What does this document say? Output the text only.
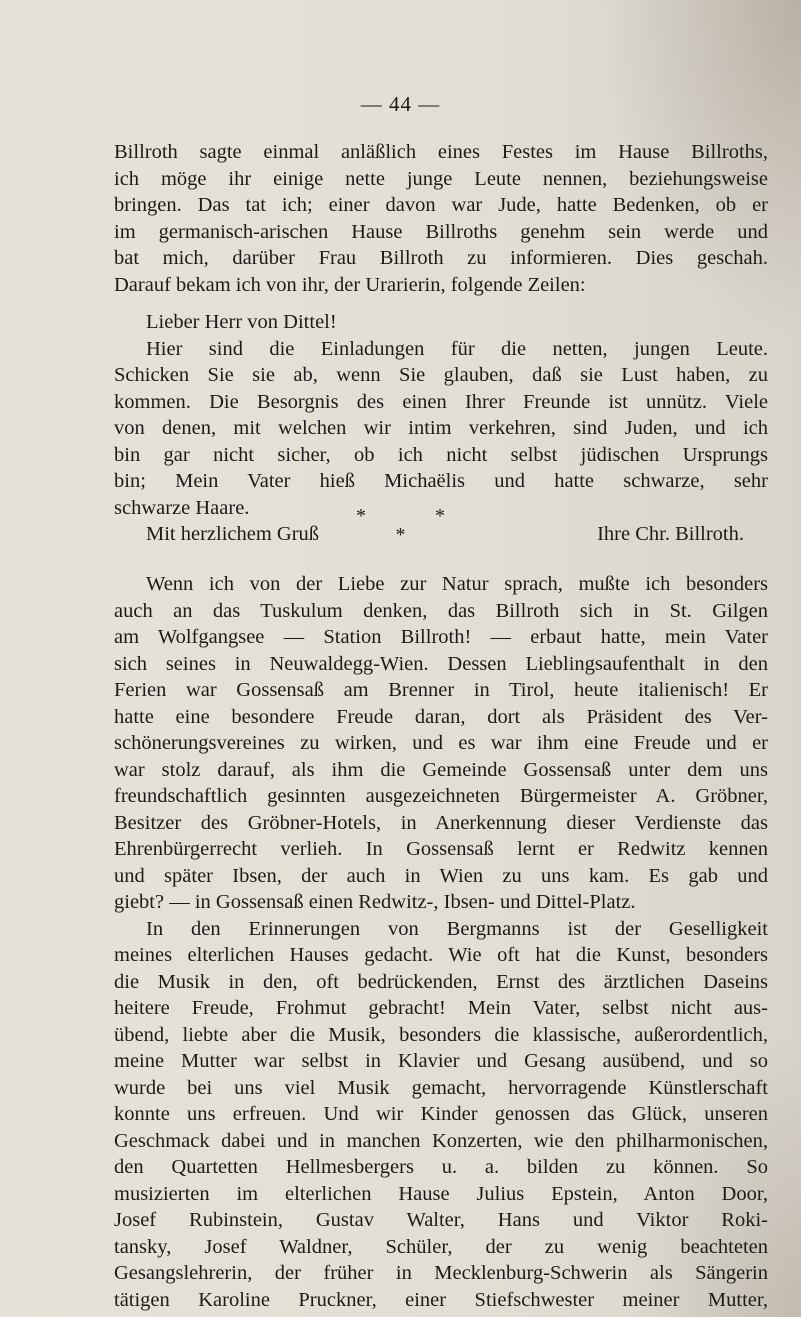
— 44 —
Billroth sagte einmal anläßlich eines Festes im Hause Billroths,
ich möge ihr einige nette junge Leute nennen, beziehungsweise
bringen. Das tat ich; einer davon war Jude, hatte Bedenken, ob er
im germanisch-arischen Hause Billroths genehm sein werde und
bat mich, darüber Frau Billroth zu informieren. Dies geschah.
Darauf bekam ich von ihr, der Urarierin, folgende Zeilen:
Lieber Herr von Dittel!
Hier sind die Einladungen für die netten, jungen Leute.
Schicken Sie sie ab, wenn Sie glauben, daß sie Lust haben, zu
kommen. Die Besorgnis des einen Ihrer Freunde ist unnütz. Viele
von denen, mit welchen wir intim verkehren, sind Juden, und ich
bin gar nicht sicher, ob ich nicht selbst jüdischen Ursprungs
bin; Mein Vater hieß Michaëlis und hatte schwarze, sehr
schwarze Haare.
Mit herzlichem Gruß	Ihre Chr. Billroth.
*	*
*
Wenn ich von der Liebe zur Natur sprach, mußte ich besonders
auch an das Tuskulum denken, das Billroth sich in St. Gilgen
am Wolfgangsee — Station Billroth! — erbaut hatte, mein Vater
sich seines in Neuwaldegg-Wien. Dessen Lieblingsaufenthalt in den
Ferien war Gossensaß am Brenner in Tirol, heute italienisch! Er
hatte eine besondere Freude daran, dort als Präsident des Ver-
schönerungsvereines zu wirken, und es war ihm eine Freude und er
war stolz darauf, als ihm die Gemeinde Gossensaß unter dem uns
freundschaftlich gesinnten ausgezeichneten Bürgermeister A. Gröbner,
Besitzer des Gröbner-Hotels, in Anerkennung dieser Verdienste das
Ehrenbürgerrecht verlieh. In Gossensaß lernt er Redwitz kennen
und später Ibsen, der auch in Wien zu uns kam. Es gab und
giebt? — in Gossensaß einen Redwitz-, Ibsen- und Dittel-Platz.
In den Erinnerungen von Bergmanns ist der Geselligkeit
meines elterlichen Hauses gedacht. Wie oft hat die Kunst, besonders
die Musik in den, oft bedrückenden, Ernst des ärztlichen Daseins
heitere Freude, Frohmut gebracht! Mein Vater, selbst nicht aus-
übend, liebte aber die Musik, besonders die klassische, außerordentlich,
meine Mutter war selbst in Klavier und Gesang ausübend, und so
wurde bei uns viel Musik gemacht, hervorragende Künstlerschaft
konnte uns erfreuen. Und wir Kinder genossen das Glück, unseren
Geschmack dabei und in manchen Konzerten, wie den philharmonischen,
den Quartetten Hellmesbergers u. a. bilden zu können. So
musizierten im elterlichen Hause Julius Epstein, Anton Door,
Josef Rubinstein, Gustav Walter, Hans und Viktor Roki-
tansky, Josef Waldner, Schüler, der zu wenig beachteten
Gesangslehrerin, der früher in Mecklenburg-Schwerin als Sängerin
tätigen Karoline Pruckner, einer Stiefschwester meiner Mutter,
